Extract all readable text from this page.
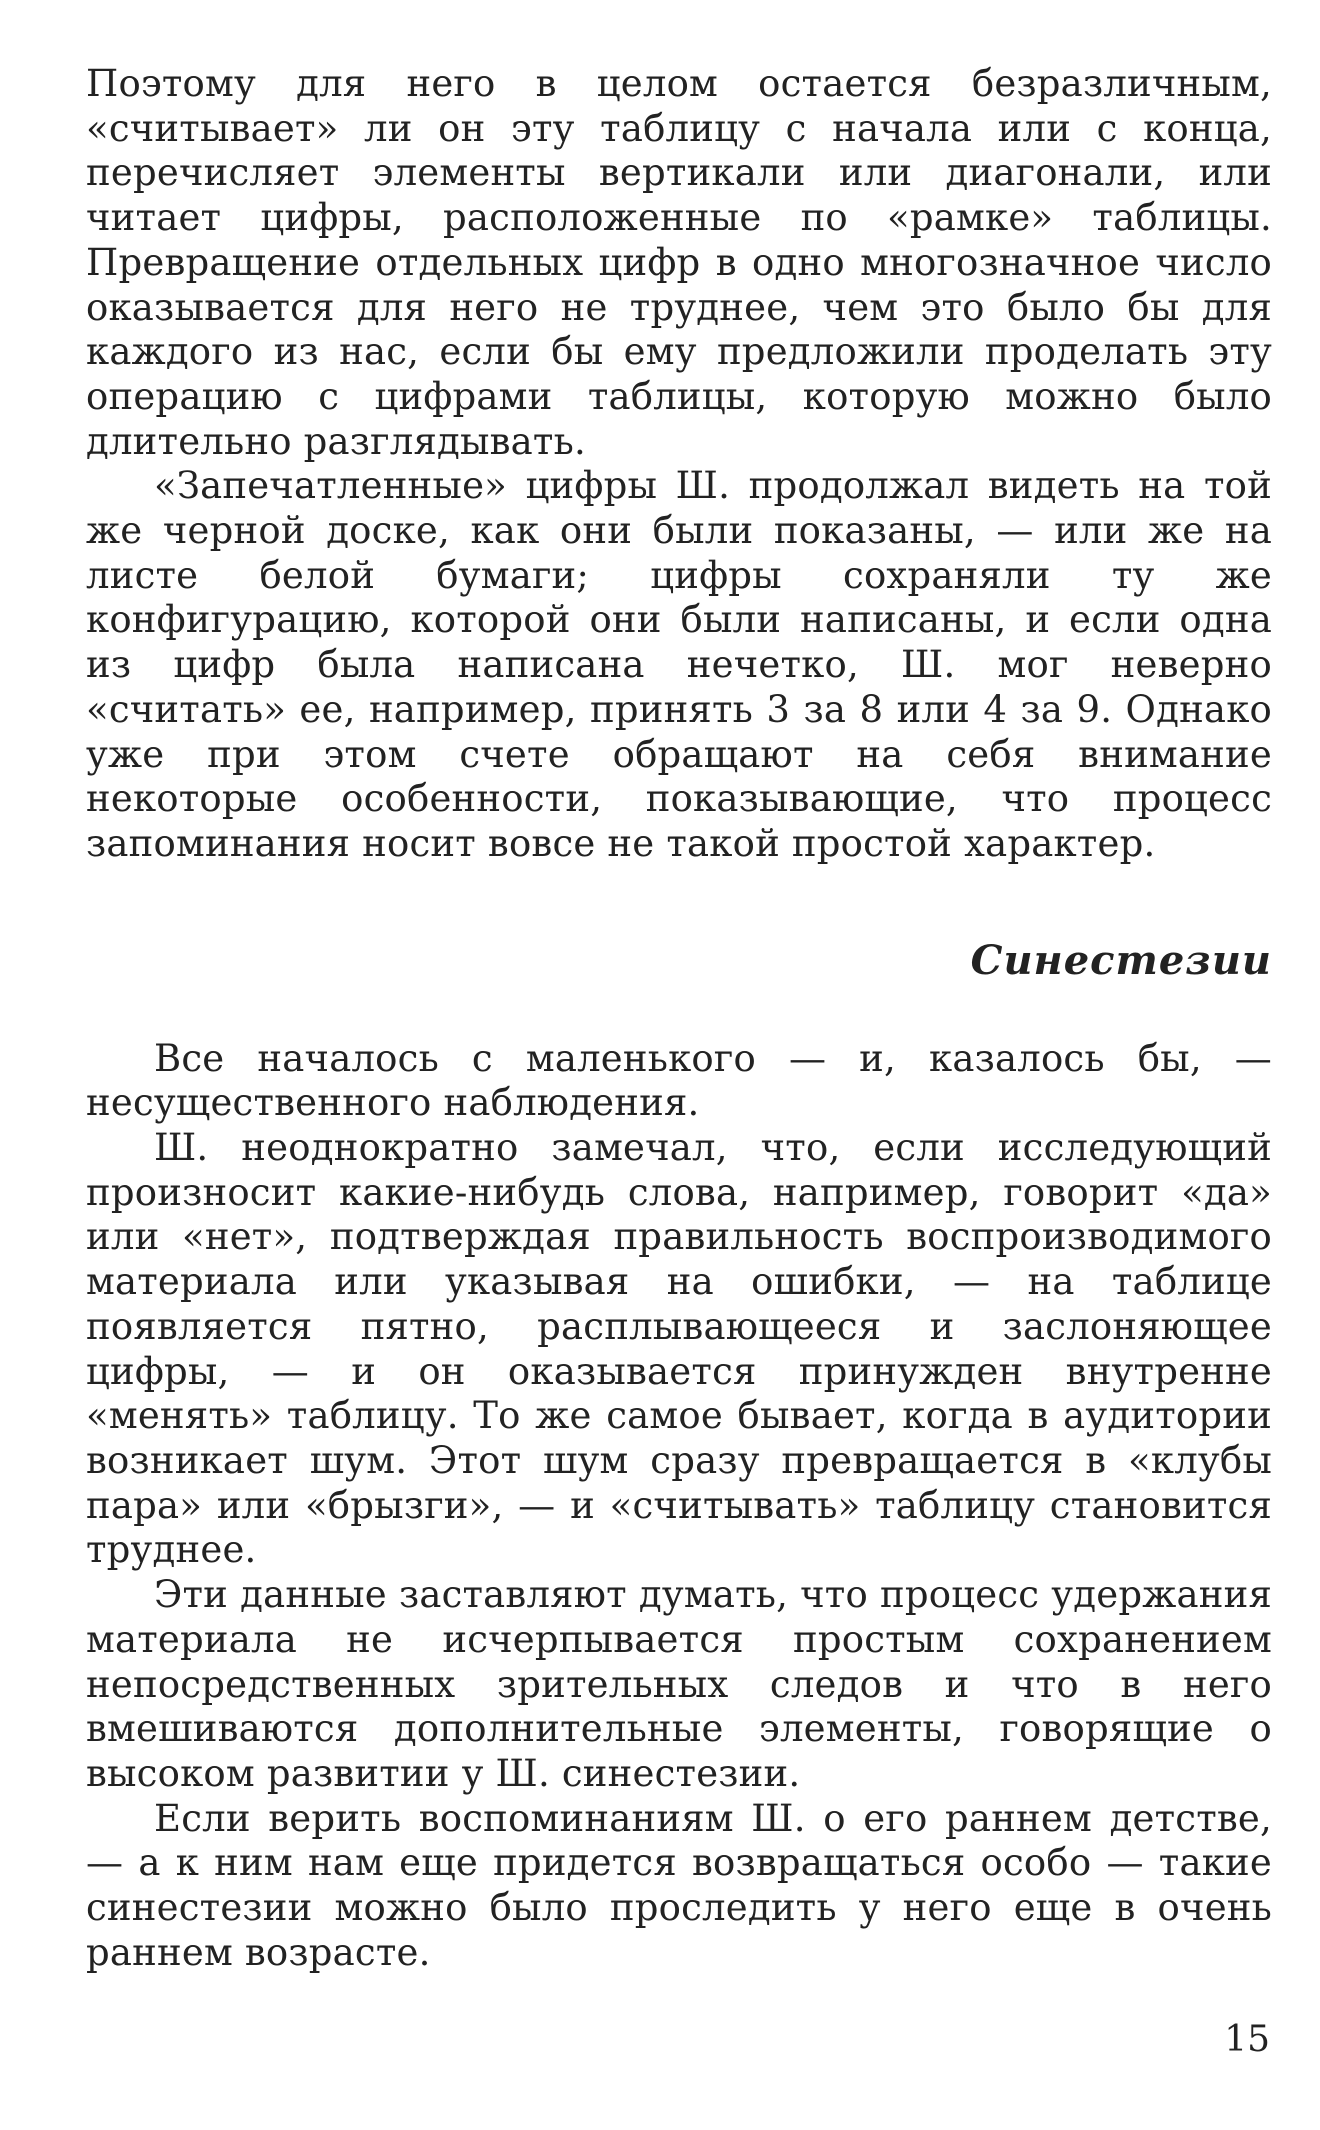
Поэтому для него в целом остается безразличным, «считывает» ли он эту таблицу с начала или с конца, перечисляет элементы вертикали или диагонали, или читает цифры, расположенные по «рамке» таблицы. Превращение отдельных цифр в одно многозначное число оказывается для него не труднее, чем это было бы для каждого из нас, если бы ему предложили проделать эту операцию с цифрами таблицы, которую можно было длительно разглядывать.

«Запечатленные» цифры Ш. продолжал видеть на той же черной доске, как они были показаны, — или же на листе белой бумаги; цифры сохраняли ту же конфигурацию, которой они были написаны, и если одна из цифр была написана нечетко, Ш. мог неверно «считать» ее, например, принять 3 за 8 или 4 за 9. Однако уже при этом счете обращают на себя внимание некоторые особенности, показывающие, что процесс запоминания носит вовсе не такой простой характер.

Синестезии

Все началось с маленького — и, казалось бы, — несущественного наблюдения.

Ш. неоднократно замечал, что, если исследующий произносит какие-нибудь слова, например, говорит «да» или «нет», подтверждая правильность воспроизводимого материала или указывая на ошибки, — на таблице появляется пятно, расплывающееся и заслоняющее цифры, — и он оказывается принужден внутренне «менять» таблицу. То же самое бывает, когда в аудитории возникает шум. Этот шум сразу превращается в «клубы пара» или «брызги», — и «считывать» таблицу становится труднее.

Эти данные заставляют думать, что процесс удержания материала не исчерпывается простым сохранением непосредственных зрительных следов и что в него вмешиваются дополнительные элементы, говорящие о высоком развитии у Ш. синестезии.

Если верить воспоминаниям Ш. о его раннем детстве, — а к ним нам еще придется возвращаться особо — такие синестезии можно было проследить у него еще в очень раннем возрасте.

15
